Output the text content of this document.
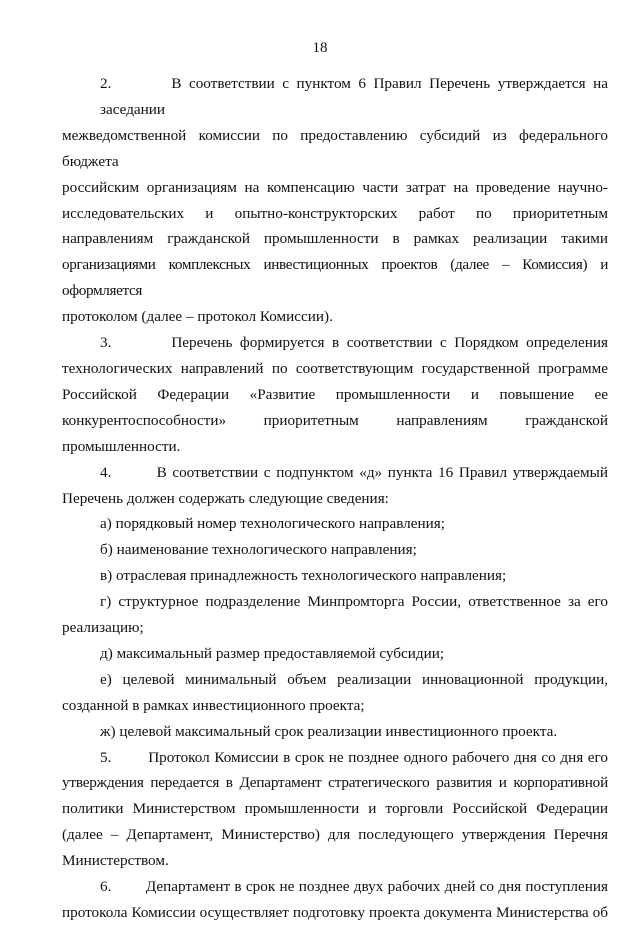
18
2.        В соответствии с пунктом 6 Правил Перечень утверждается на заседании
межведомственной комиссии по предоставлению субсидий из федерального бюджета
российским организациям на компенсацию части затрат на проведение научно-
исследовательских и опытно-конструкторских работ по приоритетным
направлениям гражданской промышленности в рамках реализации такими
организациями комплексных инвестиционных проектов (далее – Комиссия) и оформляется
протоколом (далее – протокол Комиссии).
3.        Перечень формируется в соответствии с Порядком определения
технологических направлений по соответствующим государственной программе
Российской Федерации «Развитие промышленности и повышение ее
конкурентоспособности» приоритетным направлениям гражданской
промышленности.
4.        В соответствии с подпунктом «д» пункта 16 Правил утверждаемый
Перечень должен содержать следующие сведения:
а) порядковый номер технологического направления;
б) наименование технологического направления;
в) отраслевая принадлежность технологического направления;
г) структурное подразделение Минпромторга России, ответственное за его
реализацию;
д) максимальный размер предоставляемой субсидии;
е) целевой минимальный объем реализации инновационной продукции,
созданной в рамках инвестиционного проекта;
ж) целевой максимальный срок реализации инвестиционного проекта.
5.        Протокол Комиссии в срок не позднее одного рабочего дня со дня его
утверждения передается в Департамент стратегического развития и корпоративной
политики Министерством промышленности и торговли Российской Федерации
(далее – Департамент, Министерство) для последующего утверждения Перечня
Министерством.
6.        Департамент в срок не позднее двух рабочих дней со дня поступления
протокола Комиссии осуществляет подготовку проекта документа Министерства об
